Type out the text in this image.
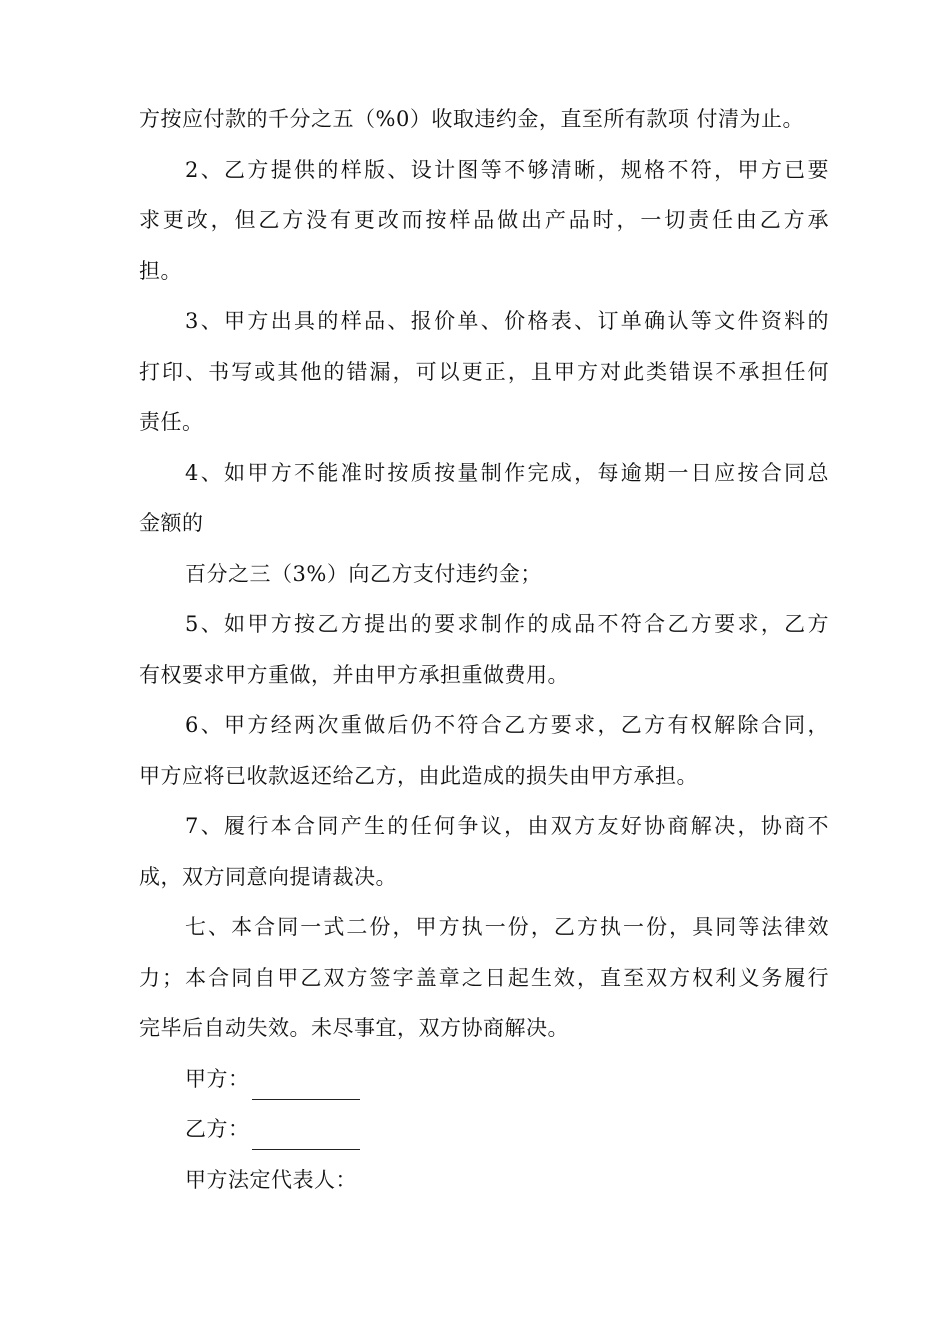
方按应付款的千分之五（%0）收取违约金，直至所有款项 付清为止。
2、乙方提供的样版、设计图等不够清晰，规格不符，甲方已要
求更改，但乙方没有更改而按样品做出产品时，一切责任由乙方承
担。
3、甲方出具的样品、报价单、价格表、订单确认等文件资料的
打印、书写或其他的错漏，可以更正，且甲方对此类错误不承担任何
责任。
4、如甲方不能准时按质按量制作完成，每逾期一日应按合同总
金额的
百分之三（3%）向乙方支付违约金；
5、如甲方按乙方提出的要求制作的成品不符合乙方要求，乙方
有权要求甲方重做，并由甲方承担重做费用。
6、甲方经两次重做后仍不符合乙方要求，乙方有权解除合同，
甲方应将已收款返还给乙方，由此造成的损失由甲方承担。
7、履行本合同产生的任何争议，由双方友好协商解决，协商不
成，双方同意向提请裁决。
七、本合同一式二份，甲方执一份，乙方执一份，具同等法律效
力；本合同自甲乙双方签字盖章之日起生效，直至双方权利义务履行
完毕后自动失效。未尽事宜，双方协商解决。
甲方：
乙方：
甲方法定代表人：
